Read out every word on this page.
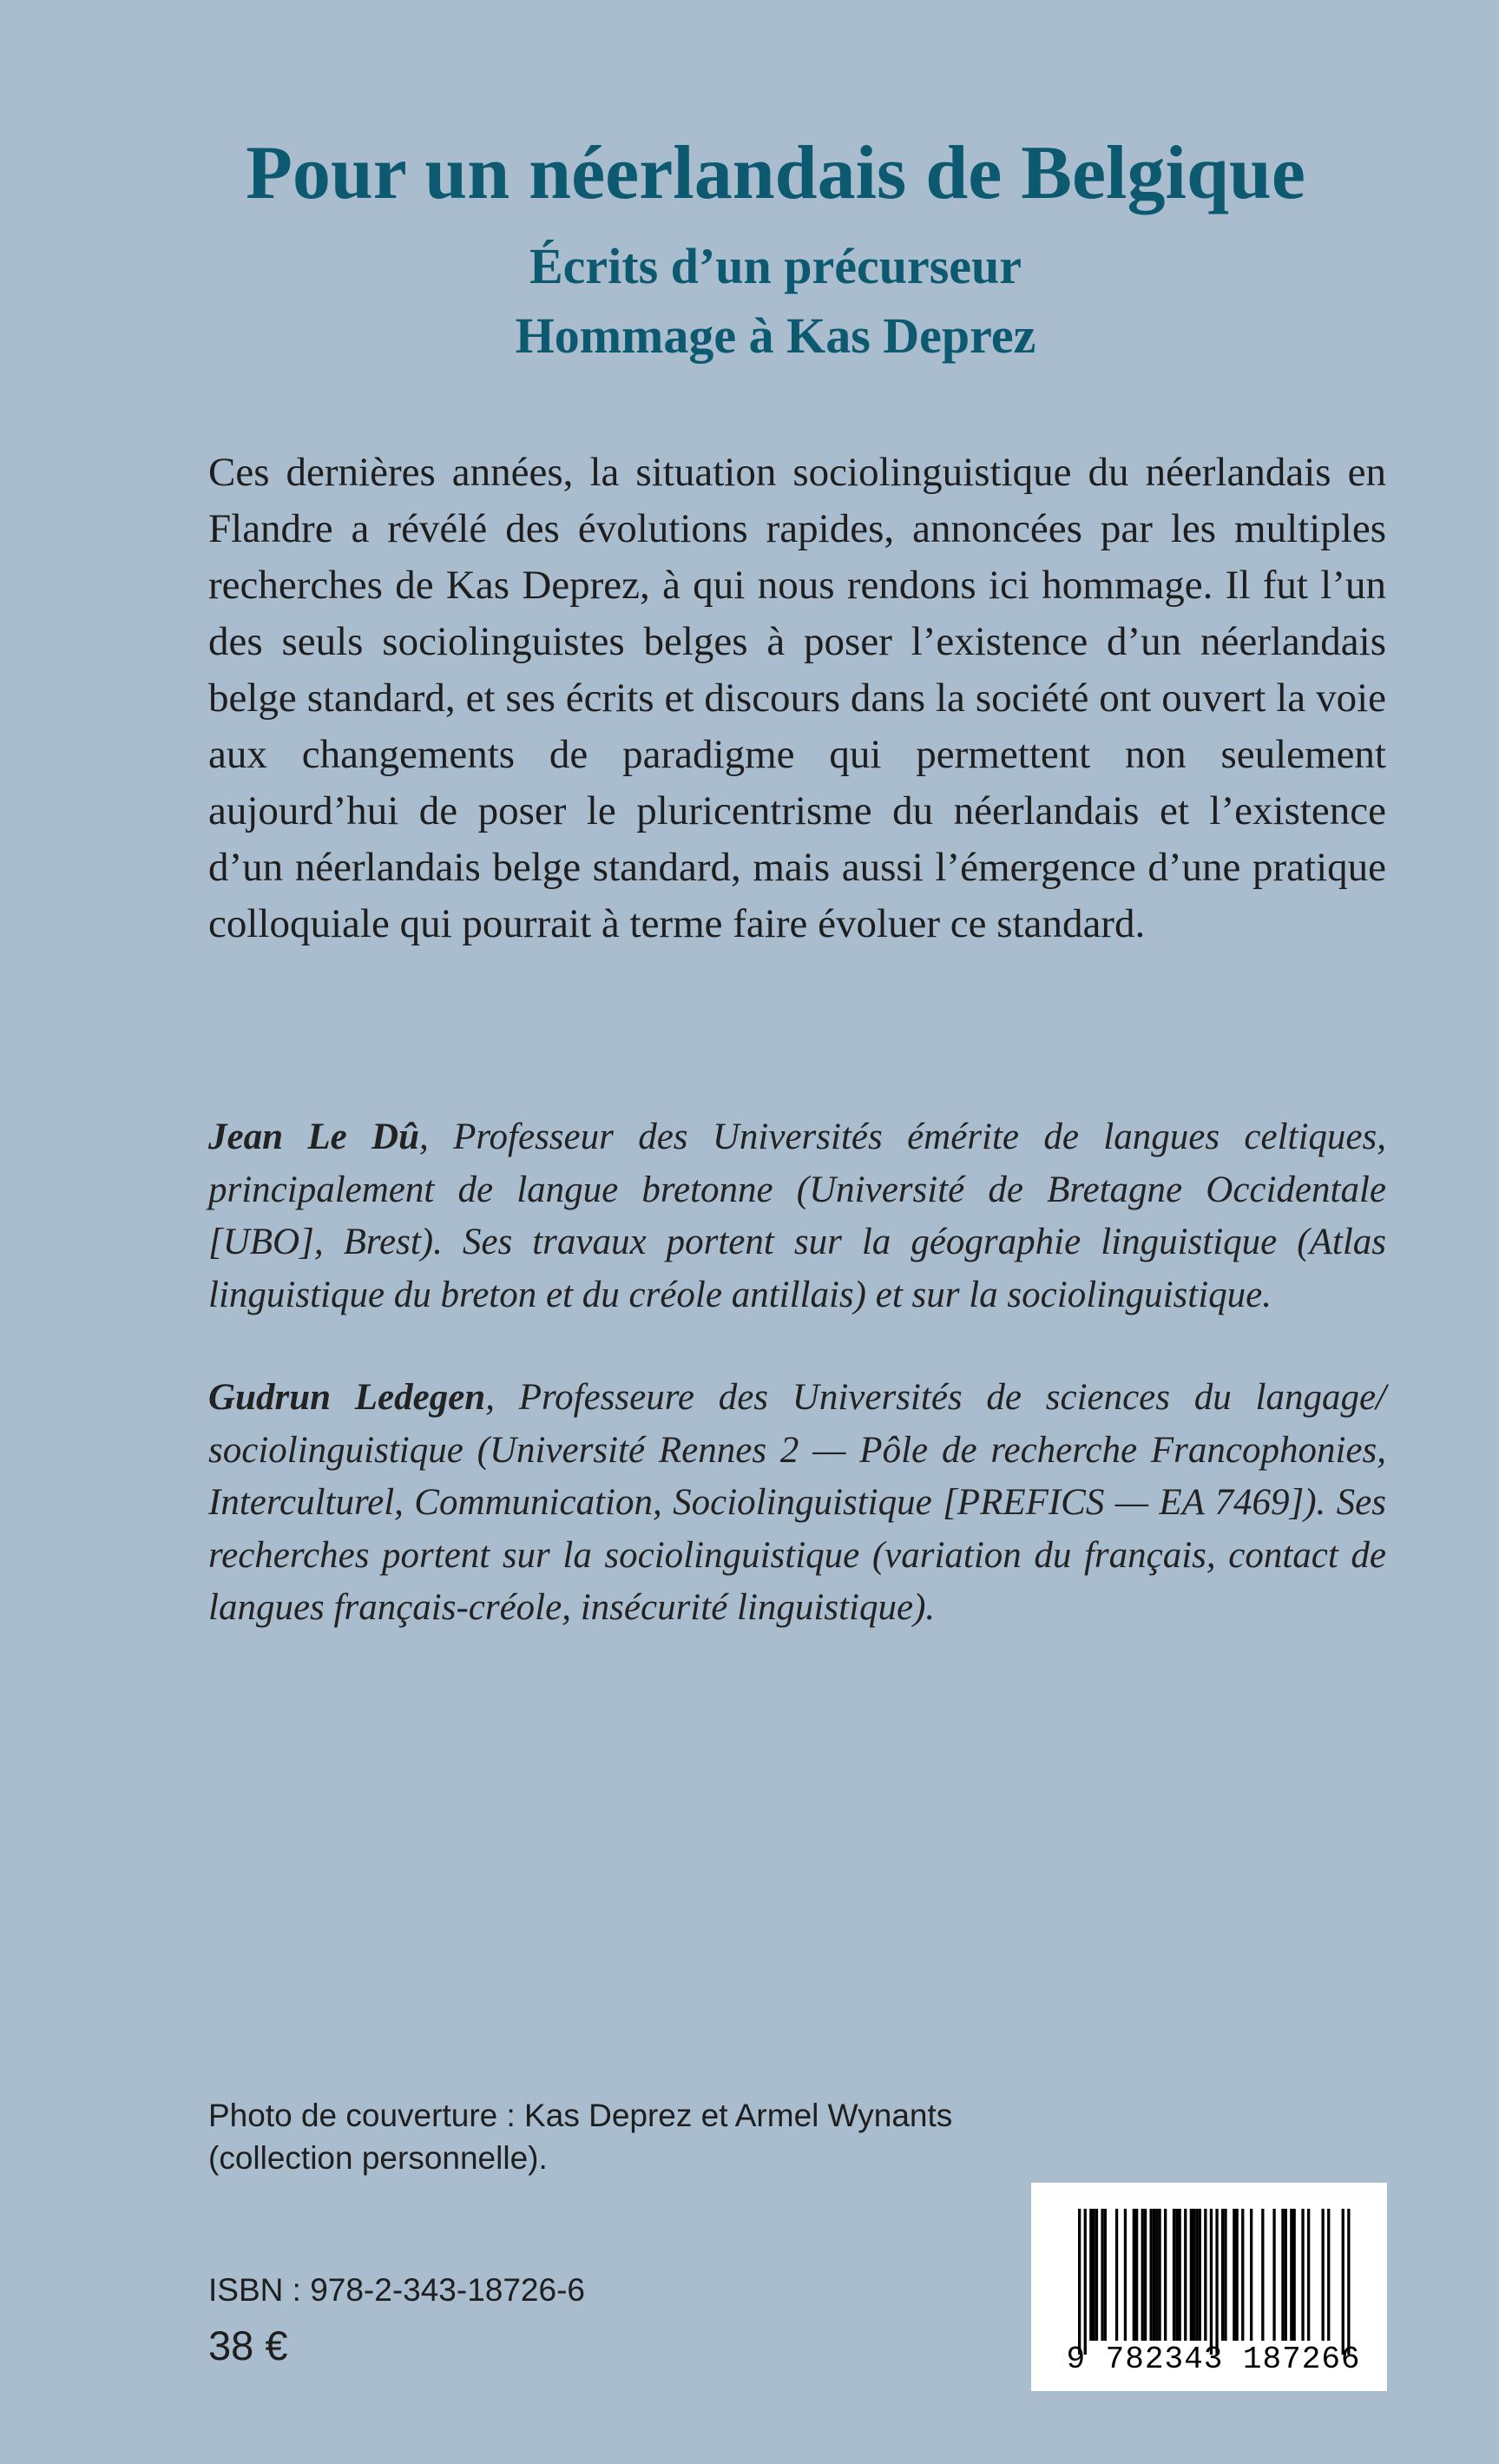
Pour un néerlandais de Belgique
Écrits d’un précurseur
Hommage à Kas Deprez

Ces dernières années, la situation sociolinguistique du néerlandais en Flandre a révélé des évolutions rapides, annoncées par les multiples recherches de Kas Deprez, à qui nous rendons ici hommage. Il fut l’un des seuls sociolinguistes belges à poser l’existence d’un néerlandais belge standard, et ses écrits et discours dans la société ont ouvert la voie aux changements de paradigme qui permettent non seulement aujourd’hui de poser le pluricentrisme du néerlandais et l’existence d’un néerlandais belge standard, mais aussi l’émergence d’une pratique colloquiale qui pourrait à terme faire évoluer ce standard.

Jean Le Dû, Professeur des Universités émérite de langues celtiques, principalement de langue bretonne (Université de Bretagne Occidentale [UBO], Brest). Ses travaux portent sur la géographie linguistique (Atlas linguistique du breton et du créole antillais) et sur la sociolinguistique.

Gudrun Ledegen, Professeure des Universités de sciences du langage/ sociolinguistique (Université Rennes 2 — Pôle de recherche Francophonies, Interculturel, Communication, Sociolinguistique [PREFICS — EA 7469]). Ses recherches portent sur la sociolinguistique (variation du français, contact de langues français-créole, insécurité linguistique).

Photo de couverture : Kas Deprez et Armel Wynants
(collection personnelle).
ISBN : 978-2-343-18726-6
38 €	9 782343 187266
